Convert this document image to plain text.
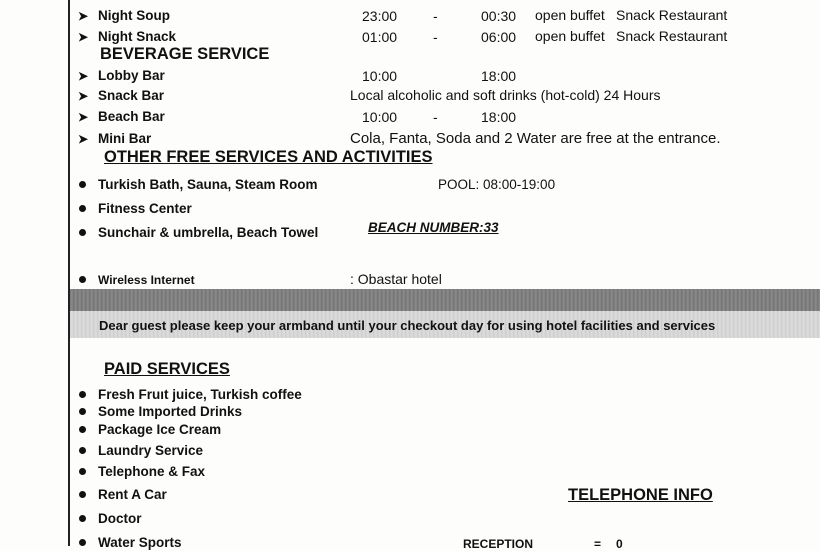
➤ Night Soup	23:00	-	00:30 open buffet Snack Restaurant
➤ Night Snack	01:00	-	06:00 open buffet Snack Restaurant
BEVERAGE SERVICE
➤ Lobby Bar	10:00	18:00
➤ Snack Bar	Local alcoholic and soft drinks (hot-cold) 24 Hours
➤ Beach Bar	10:00	-	18:00
➤ Mini Bar	Cola, Fanta, Soda and 2 Water are free at the entrance.
OTHER FREE SERVICES AND ACTIVITIES
Turkish Bath, Sauna, Steam Room	POOL: 08:00-19:00
Fitness Center
Sunchair & umbrella, Beach Towel	BEACH NUMBER:33
Wireless Internet	: Obastar hotel
Dear guest please keep your armband until your checkout day for using hotel facilities and services
PAID SERVICES
Fresh Fruıt juice, Turkish coffee
Some Imported Drinks
Package Ice Cream
Laundry Service
Telephone & Fax
Rent A Car
Doctor
Water Sports
TELEPHONE INFO
RECEPTION	= 0
